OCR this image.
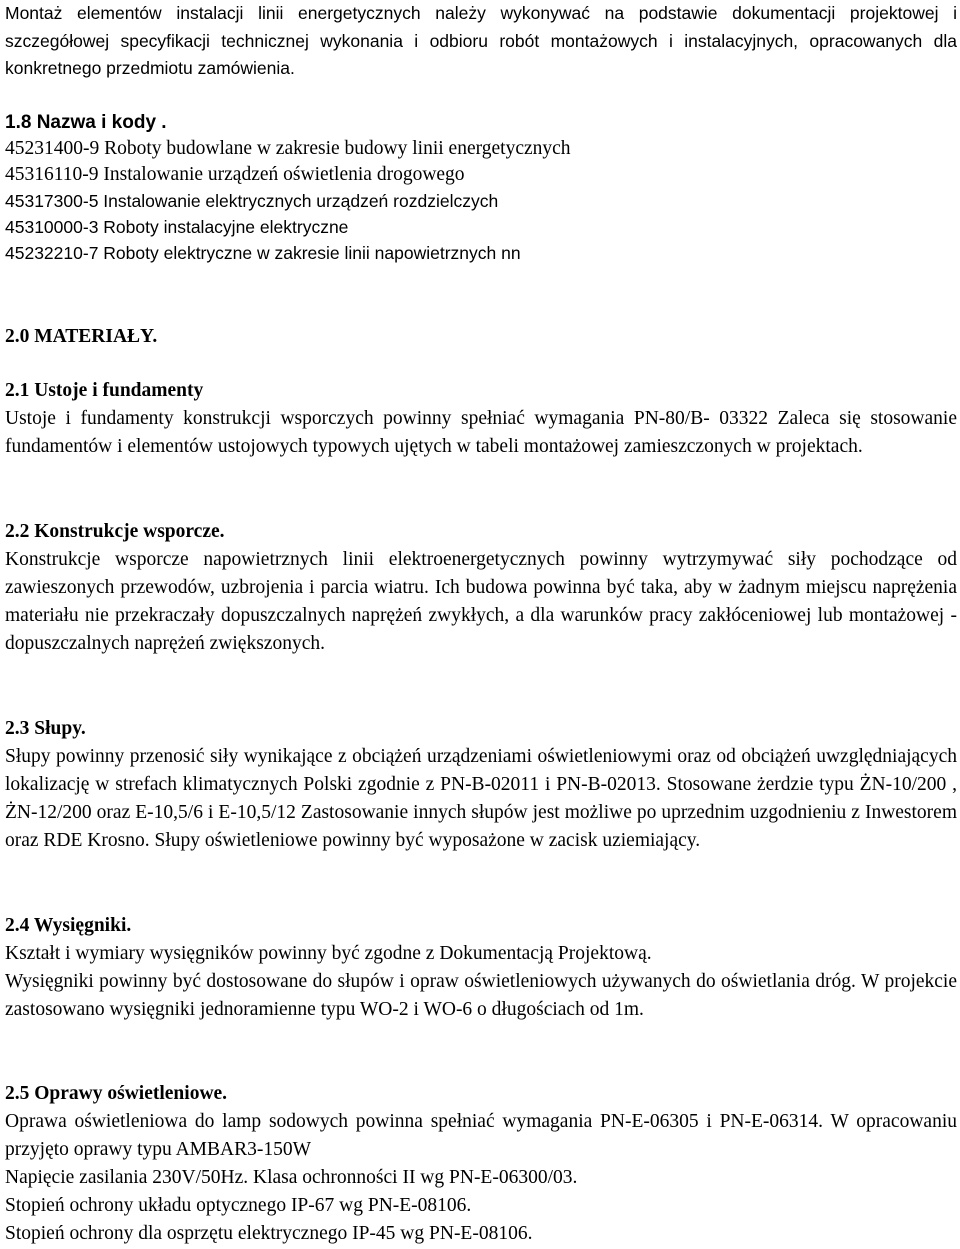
Montaż elementów instalacji linii energetycznych należy wykonywać na podstawie dokumentacji projektowej i szczegółowej specyfikacji technicznej wykonania i odbioru robót montażowych i instalacyjnych, opracowanych dla konkretnego przedmiotu zamówienia.

1.8 Nazwa i kody .
45231400-9 Roboty budowlane w zakresie budowy linii energetycznych
45316110-9 Instalowanie urządzeń oświetlenia drogowego
45317300-5 Instalowanie elektrycznych urządzeń rozdzielczych
45310000-3 Roboty instalacyjne elektryczne
45232210-7 Roboty elektryczne w zakresie linii napowietrznych nn
2.0 MATERIAŁY.
2.1 Ustoje i fundamenty

Ustoje i fundamenty konstrukcji wsporczych powinny spełniać wymagania PN-80/B- 03322 Zaleca się stosowanie fundamentów i elementów ustojowych typowych ujętych w tabeli montażowej zamieszczonych w projektach.

2.2 Konstrukcje wsporcze.

Konstrukcje wsporcze napowietrznych linii elektroenergetycznych powinny wytrzymywać siły pochodzące od zawieszonych przewodów, uzbrojenia i parcia wiatru. Ich budowa powinna być taka, aby w żadnym miejscu naprężenia materiału nie przekraczały dopuszczalnych naprężeń zwykłych, a dla warunków pracy zakłóceniowej lub montażowej - dopuszczalnych naprężeń zwiększonych.

2.3 Słupy.

Słupy powinny przenosić siły wynikające z obciążeń urządzeniami oświetleniowymi oraz od obciążeń uwzględniających lokalizację w strefach klimatycznych Polski zgodnie z PN-B-02011 i PN-B-02013. Stosowane żerdzie typu ŻN-10/200 , ŻN-12/200 oraz E-10,5/6 i E-10,5/12 Zastosowanie innych słupów jest możliwe po uprzednim uzgodnieniu z Inwestorem oraz RDE Krosno. Słupy oświetleniowe powinny być wyposażone w zacisk uziemiający.

2.4 Wysięgniki.

Kształt i wymiary wysięgników powinny być zgodne z Dokumentacją Projektową.

Wysięgniki powinny być dostosowane do słupów i opraw oświetleniowych używanych do oświetlania dróg. W projekcie zastosowano wysięgniki jednoramienne typu WO-2 i WO-6 o długościach od 1m.

2.5 Oprawy oświetleniowe.

Oprawa oświetleniowa do lamp sodowych powinna spełniać wymagania PN-E-06305 i PN-E-06314. W opracowaniu przyjęto oprawy typu AMBAR3-150W

Napięcie zasilania 230V/50Hz. Klasa ochronności II wg PN-E-06300/03.

Stopień ochrony układu optycznego IP-67 wg PN-E-08106.

Stopień ochrony dla osprzętu elektrycznego IP-45 wg PN-E-08106.
